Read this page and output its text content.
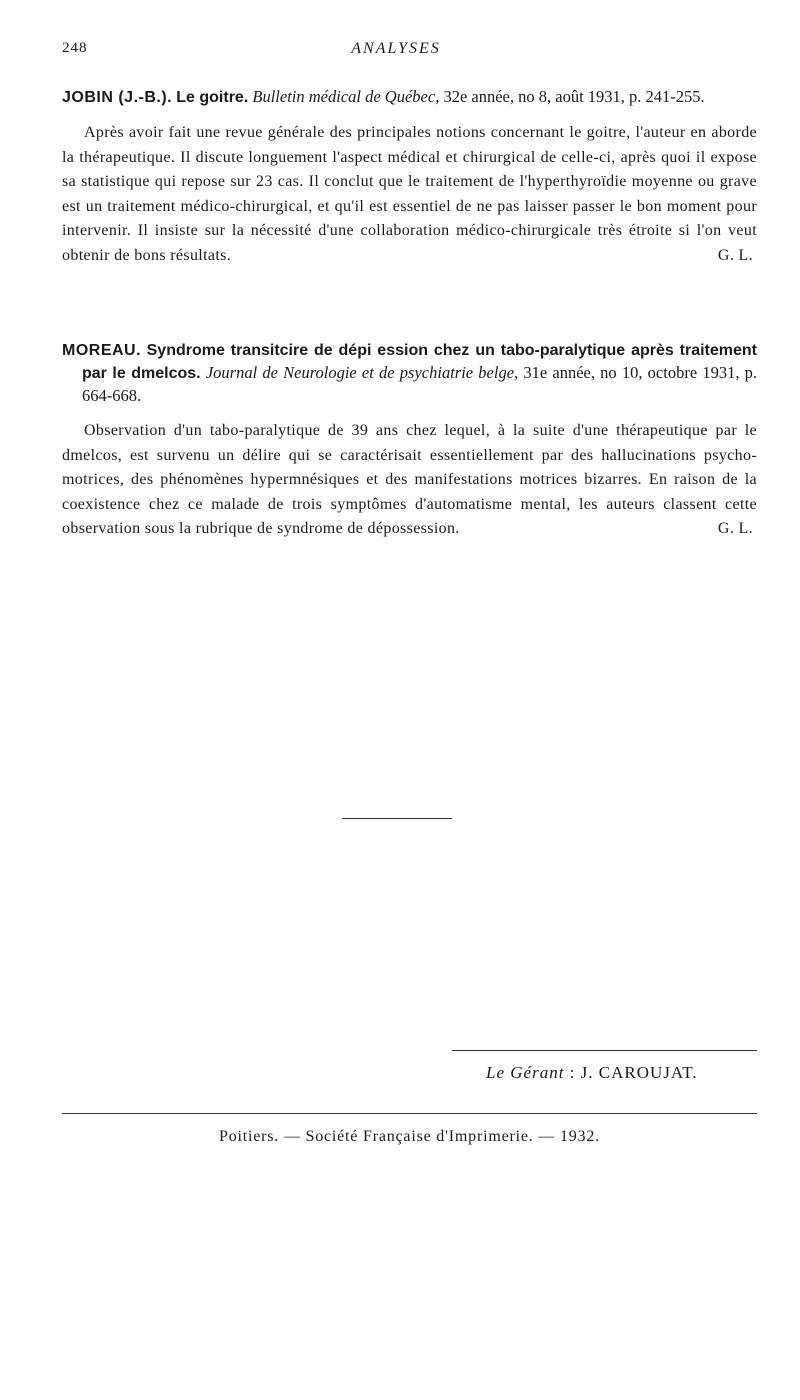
248	ANALYSES

JOBIN (J.-B.). Le goitre. Bulletin médical de Québec, 32e année, no 8, août 1931, p. 241-255.

Après avoir fait une revue générale des principales notions concernant le goitre, l'auteur en aborde la thérapeutique. Il discute longuement l'aspect médical et chirurgical de celle-ci, après quoi il expose sa statistique qui repose sur 23 cas. Il conclut que le traitement de l'hyperthyroïdie moyenne ou grave est un traitement médico-chirurgical, et qu'il est essentiel de ne pas laisser passer le bon moment pour intervenir. Il insiste sur la nécessité d'une collaboration médico-chirurgicale très étroite si l'on veut obtenir de bons résultats.	G. L.

MOREAU. Syndrome transitcire de dépi ession chez un tabo-paralytique après traitement par le dmelcos. Journal de Neurologie et de psychiatrie belge, 31e année, no 10, octobre 1931, p. 664-668.

Observation d'un tabo-paralytique de 39 ans chez lequel, à la suite d'une thérapeutique par le dmelcos, est survenu un délire qui se caractérisait essentiellement par des hallucinations psycho-motrices, des phénomènes hypermnésiques et des manifestations motrices bizarres. En raison de la coexistence chez ce malade de trois symptômes d'automatisme mental, les auteurs classent cette observation sous la rubrique de syndrome de dépossession.	G. L.

Le Gérant : J. CAROUJAT.
Poitiers. — Société Française d'Imprimerie. — 1932.
